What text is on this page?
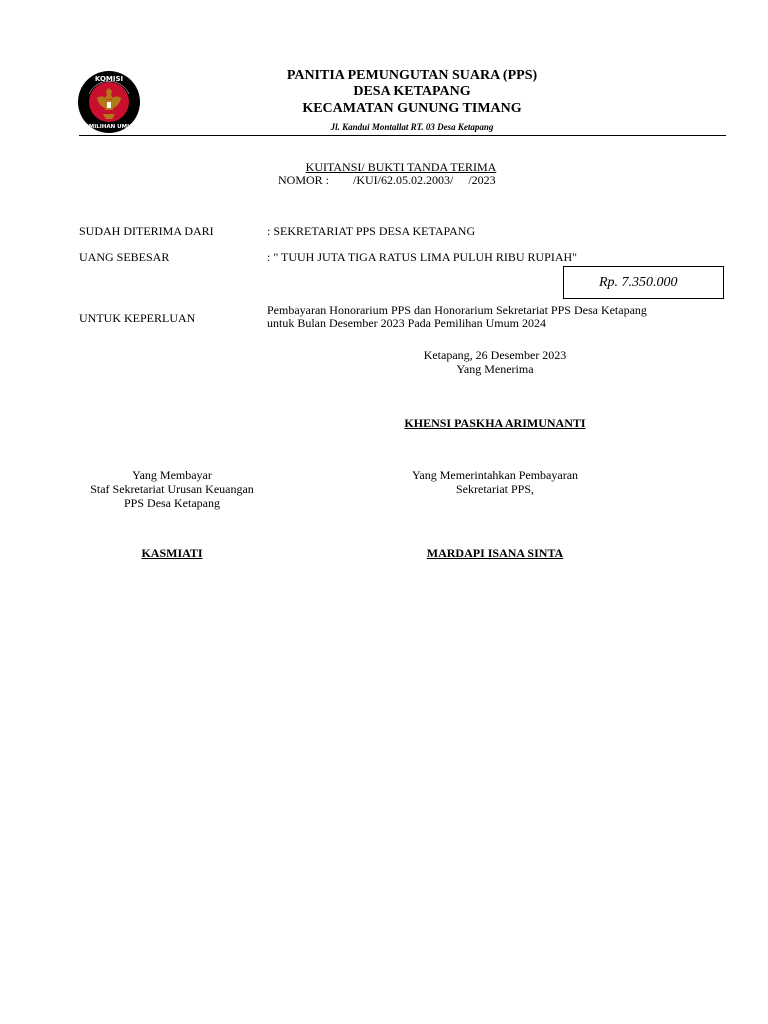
KOMISI
PEMILIHAN UMUM
PANITIA PEMUNGUTAN SUARA (PPS)
DESA KETAPANG
KECAMATAN GUNUNG TIMANG
Jl. Kandui Montallat RT. 03 Desa Ketapang
KUITANSI/ BUKTI TANDA TERIMA
NOMOR :        /KUI/62.05.02.2003/     /2023
SUDAH DITERIMA DARI	: SEKRETARIAT PPS DESA KETAPANG
UANG SEBESAR	: " TUUH JUTA TIGA RATUS LIMA PULUH RIBU RUPIAH"
Rp. 7.350.000
UNTUK KEPERLUAN
Pembayaran Honorarium PPS dan Honorarium Sekretariat PPS Desa Ketapang
untuk Bulan Desember 2023 Pada Pemilihan Umum 2024
Ketapang, 26 Desember 2023
Yang Menerima
KHENSI PASKHA ARIMUNANTI
Yang Membayar
Staf Sekretariat Urusan Keuangan
PPS Desa Ketapang
KASMIATI
Yang Memerintahkan Pembayaran
Sekretariat PPS,
MARDAPI ISANA SINTA
